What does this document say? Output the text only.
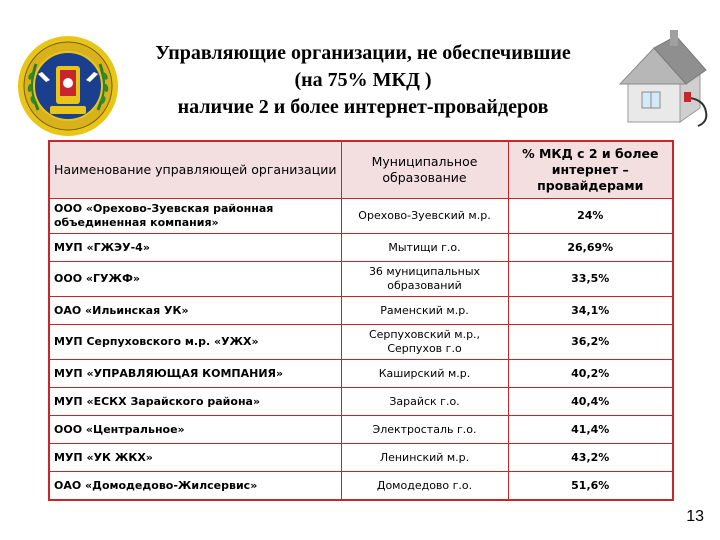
Управляющие организации, не обеспечившие
(на 75% МКД )
наличие 2 и более интернет-провайдеров
Наименование управляющей организации	Муниципальное образование	% МКД с 2 и более интернет –провайдерами
ООО «Орехово-Зуевская районная объединенная компания»	Орехово-Зуевский м.р.	24%
МУП «ГЖЭУ-4»	Мытищи г.о.	26,69%
ООО «ГУЖФ»	36 муниципальных образований	33,5%
ОАО «Ильинская УК»	Раменский м.р.	34,1%
МУП Серпуховского м.р. «УЖХ»	Серпуховский м.р., Серпухов г.о	36,2%
МУП «УПРАВЛЯЮЩАЯ КОМПАНИЯ»	Каширский м.р.	40,2%
МУП «ЕСКХ Зарайского района»	Зарайск г.о.	40,4%
ООО «Центральное»	Электросталь г.о.	41,4%
МУП «УК ЖКХ»	Ленинский м.р.	43,2%
ОАО «Домодедово-Жилсервис»	Домодедово г.о.	51,6%
13
